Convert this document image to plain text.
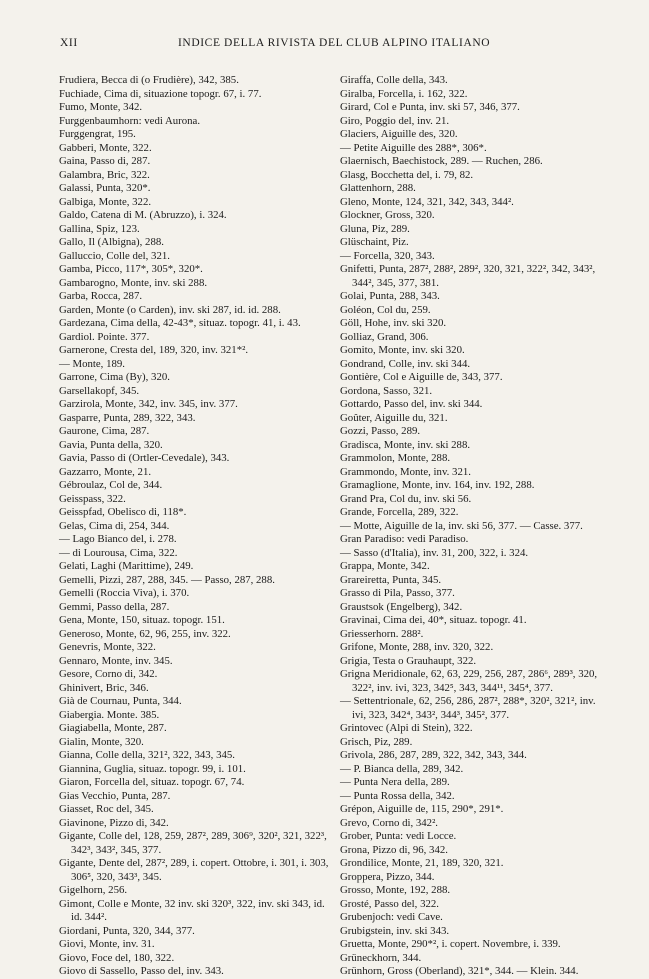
XII	INDICE DELLA RIVISTA DEL CLUB ALPINO ITALIANO
Frudiera, Becca di (o Frudière), 342, 385.
Fuchiade, Cima di, situazione topogr. 67, i. 77.
Fumo, Monte, 342.
Furggenbaumhorn: vedi Aurona.
Furggengrat, 195.
Gabberi, Monte, 322.
Gaina, Passo di, 287.
Galambra, Bric, 322.
Galassi, Punta, 320*.
Galbiga, Monte, 322.
Galdo, Catena di M. (Abruzzo), i. 324.
Gallina, Spiz, 123.
Gallo, Il (Albigna), 288.
Galluccio, Colle del, 321.
Gamba, Picco, 117*, 305*, 320*.
Gambarogno, Monte, inv. ski 288.
Garba, Rocca, 287.
Garden, Monte (o Carden), inv. ski 287, id. id. 288.
Gardezana, Cima della, 42-43*, situaz. topogr. 41, i. 43.
Gardiol. Pointe. 377.
Garnerone, Cresta del, 189, 320, inv. 321*².
— Monte, 189.
Garrone, Cima (By), 320.
Garsellakopf, 345.
Garzirola, Monte, 342, inv. 345, inv. 377.
Gasparre, Punta, 289, 322, 343.
Gaurone, Cima, 287.
Gavia, Punta della, 320.
Gavia, Passo di (Ortler-Cevedale), 343.
Gazzarro, Monte, 21.
Gébroulaz, Col de, 344.
Geisspass, 322.
Geisspfad, Obelisco di, 118*.
Gelas, Cima di, 254, 344.
— Lago Bianco del, i. 278.
— di Lourousa, Cima, 322.
Gelati, Laghi (Marittime), 249.
Gemelli, Pizzi, 287, 288, 345. — Passo, 287, 288.
Gemelli (Roccia Viva), i. 370.
Gemmi, Passo della, 287.
Gena, Monte, 150, situaz. topogr. 151.
Generoso, Monte, 62, 96, 255, inv. 322.
Genevris, Monte, 322.
Gennaro, Monte, inv. 345.
Gesore, Corno di, 342.
Ghinivert, Bric, 346.
Già de Cournau, Punta, 344.
Giabergia. Monte. 385.
Giagiabella, Monte, 287.
Gialin, Monte, 320.
Gianna, Colle della, 321², 322, 343, 345.
Giannina, Guglia, situaz. topogr. 99, i. 101.
Giaron, Forcella del, situaz. topogr. 67, 74.
Gias Vecchio, Punta, 287.
Giasset, Roc del, 345.
Giavinone, Pizzo di, 342.
Gigante, Colle del, 128, 259, 287², 289, 306⁹, 320², 321, 322³, 342³, 343², 345, 377.
Gigante, Dente del, 287², 289, i. copert. Ottobre, i. 301, i. 303, 306⁵, 320, 343³, 345.
Gigelhorn, 256.
Gimont, Colle e Monte, 32 inv. ski 320³, 322, inv. ski 343, id. id. 344².
Giordani, Punta, 320, 344, 377.
Giovi, Monte, inv. 31.
Giovo, Foce del, 180, 322.
Giovo di Sassello, Passo del, inv. 343.
Giraffa, Colle della, 343.
Giralba, Forcella, i. 162, 322.
Girard, Col e Punta, inv. ski 57, 346, 377.
Giro, Poggio del, inv. 21.
Glaciers, Aiguille des, 320.
— Petite Aiguille des 288*, 306*.
Glaernisch, Baechistock, 289. — Ruchen, 286.
Glasg, Bocchetta del, i. 79, 82.
Glattenhorn, 288.
Gleno, Monte, 124, 321, 342, 343, 344².
Glockner, Gross, 320.
Gluna, Piz, 289.
Glüschaint, Piz.
— Forcella, 320, 343.
Gnifetti, Punta, 287², 288², 289², 320, 321, 322², 342, 343², 344², 345, 377, 381.
Golai, Punta, 288, 343.
Goléon, Col du, 259.
Göll, Hohe, inv. ski 320.
Golliaz, Grand, 306.
Gomito, Monte, inv. ski 320.
Gondrand, Colle, inv. ski 344.
Gontière, Col e Aiguille de, 343, 377.
Gordona, Sasso, 321.
Gottardo, Passo del, inv. ski 344.
Goûter, Aiguille du, 321.
Gozzi, Passo, 289.
Gradisca, Monte, inv. ski 288.
Grammolon, Monte, 288.
Grammondo, Monte, inv. 321.
Gramaglione, Monte, inv. 164, inv. 192, 288.
Grand Pra, Col du, inv. ski 56.
Grande, Forcella, 289, 322.
— Motte, Aiguille de la, inv. ski 56, 377. — Casse. 377.
Gran Paradiso: vedi Paradiso.
— Sasso (d'Italia), inv. 31, 200, 322, i. 324.
Grappa, Monte, 342.
Grareiretta, Punta, 345.
Grasso di Pila, Passo, 377.
Graustsok (Engelberg), 342.
Gravinai, Cima dei, 40*, situaz. topogr. 41.
Griesserhorn. 288².
Grifone, Monte, 288, inv. 320, 322.
Grigia, Testa o Grauhaupt, 322.
Grigna Meridionale, 62, 63, 229, 256, 287, 286⁶, 289³, 320, 322², inv. ivi, 323, 342⁵, 343, 344¹¹, 345⁴, 377.
— Settentrionale, 62, 256, 286, 287², 288*, 320², 321², inv. ivi, 323, 342⁴, 343², 344³, 345², 377.
Grintovec (Alpi di Stein), 322.
Grisch, Piz, 289.
Grivola, 286, 287, 289, 322, 342, 343, 344.
— P. Bianca della, 289, 342.
— Punta Nera della, 289.
— Punta Rossa della, 342.
Grépon, Aiguille de, 115, 290*, 291*.
Grevo, Corno di, 342².
Grober, Punta: vedi Locce.
Grona, Pizzo di, 96, 342.
Grondilice, Monte, 21, 189, 320, 321.
Groppera, Pizzo, 344.
Grosso, Monte, 192, 288.
Grosté, Passo del, 322.
Grubenjoch: vedi Cave.
Grubigstein, inv. ski 343.
Gruetta, Monte, 290*², i. copert. Novembre, i. 339.
Grüneckhorn, 344.
Grünhorn, Gross (Oberland), 321*, 344. — Klein. 344.
